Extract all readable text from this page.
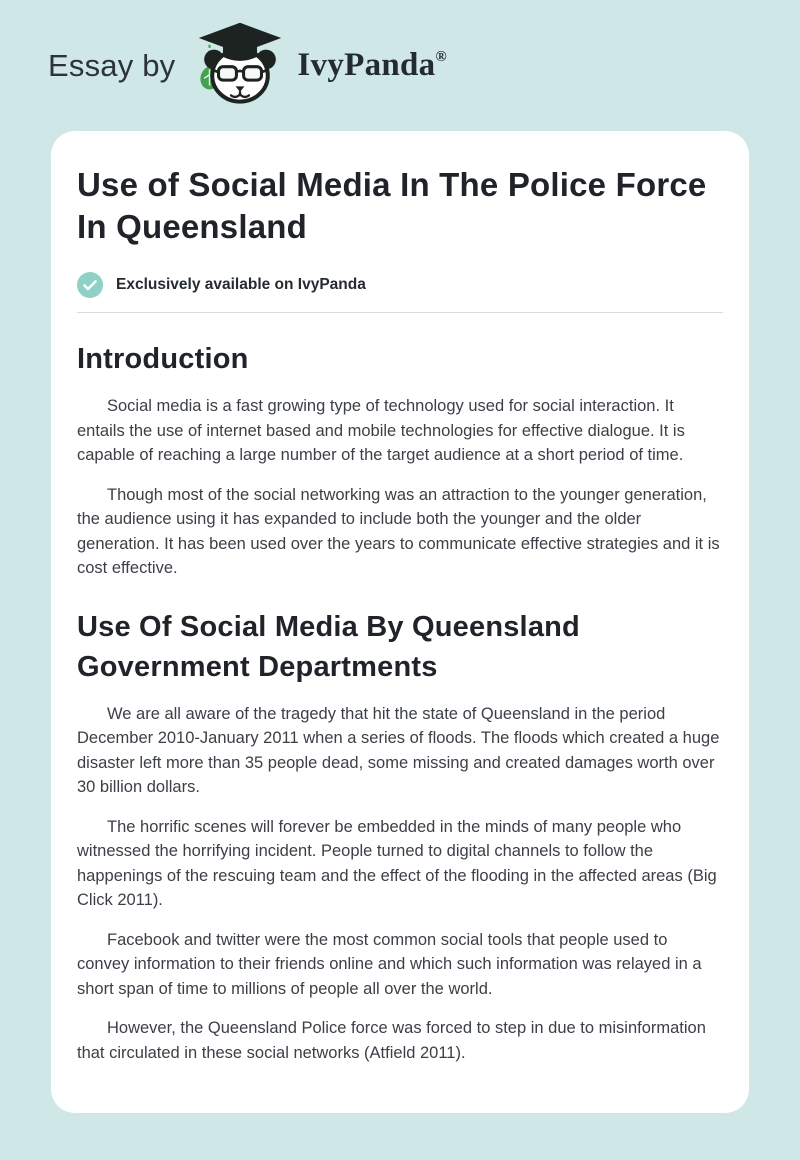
Essay by	IvyPanda®
Use of Social Media In The Police Force In Queensland
Exclusively available on IvyPanda
Introduction

Social media is a fast growing type of technology used for social interaction. It entails the use of internet based and mobile technologies for effective dialogue. It is capable of reaching a large number of the target audience at a short period of time.

Though most of the social networking was an attraction to the younger generation, the audience using it has expanded to include both the younger and the older generation. It has been used over the years to communicate effective strategies and it is cost effective.

Use Of Social Media By Queensland Government Departments

We are all aware of the tragedy that hit the state of Queensland in the period December 2010-January 2011 when a series of floods. The floods which created a huge disaster left more than 35 people dead, some missing and created damages worth over 30 billion dollars.

The horrific scenes will forever be embedded in the minds of many people who witnessed the horrifying incident. People turned to digital channels to follow the happenings of the rescuing team and the effect of the flooding in the affected areas (Big Click 2011).

Facebook and twitter were the most common social tools that people used to convey information to their friends online and which such information was relayed in a short span of time to millions of people all over the world.

However, the Queensland Police force was forced to step in due to misinformation that circulated in these social networks (Atfield 2011).
